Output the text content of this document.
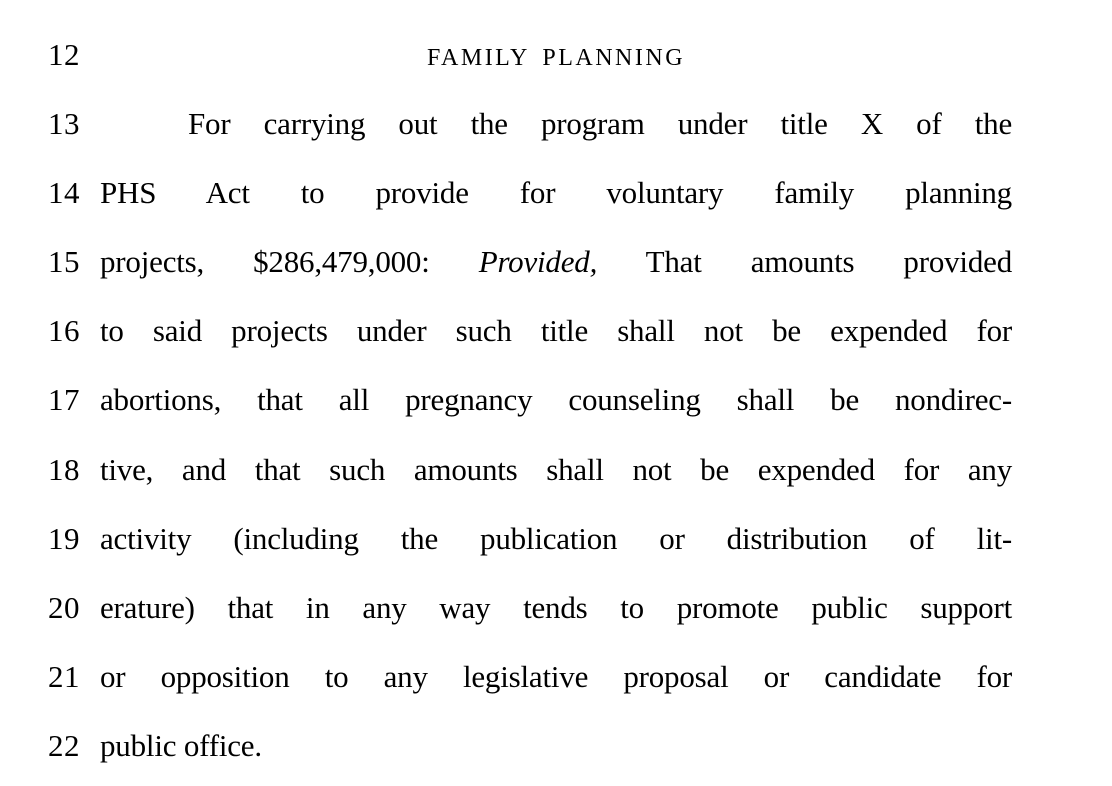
12	FAMILY PLANNING
13	For carrying out the program under title X of the
14 PHS Act to provide for voluntary family planning
15 projects, $286,479,000: Provided, That amounts provided
16 to said projects under such title shall not be expended for
17 abortions, that all pregnancy counseling shall be nondirec-
18 tive, and that such amounts shall not be expended for any
19 activity (including the publication or distribution of lit-
20 erature) that in any way tends to promote public support
21 or opposition to any legislative proposal or candidate for
22 public office.
